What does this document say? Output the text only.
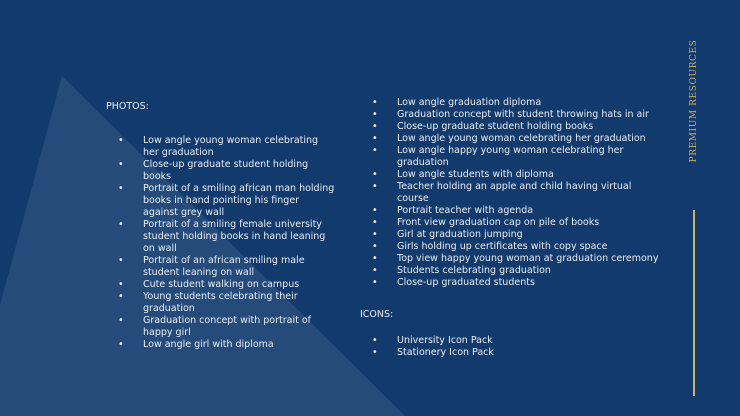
PHOTOS:
• Low angle young woman celebrating her graduation
• Close-up graduate student holding books
• Portrait of a smiling african man holding books in hand pointing his finger against grey wall
• Portrait of a smiling female university student holding books in hand leaning on wall
• Portrait of an african smiling male student leaning on wall
• Cute student walking on campus
• Young students celebrating their graduation
• Graduation concept with portrait of happy girl
• Low angle girl with diploma
• Low angle graduation diploma
• Graduation concept with student throwing hats in air
• Close-up graduate student holding books
• Low angle young woman celebrating her graduation
• Low angle happy young woman celebrating her graduation
• Low angle students with diploma
• Teacher holding an apple and child having virtual course
• Portrait teacher with agenda
• Front view graduation cap on pile of books
• Girl at graduation jumping
• Girls holding up certificates with copy space
• Top view happy young woman at graduation ceremony
• Students celebrating graduation
• Close-up graduated students
ICONS:
• University Icon Pack
• Stationery Icon Pack
PREMIUM RESOURCES
